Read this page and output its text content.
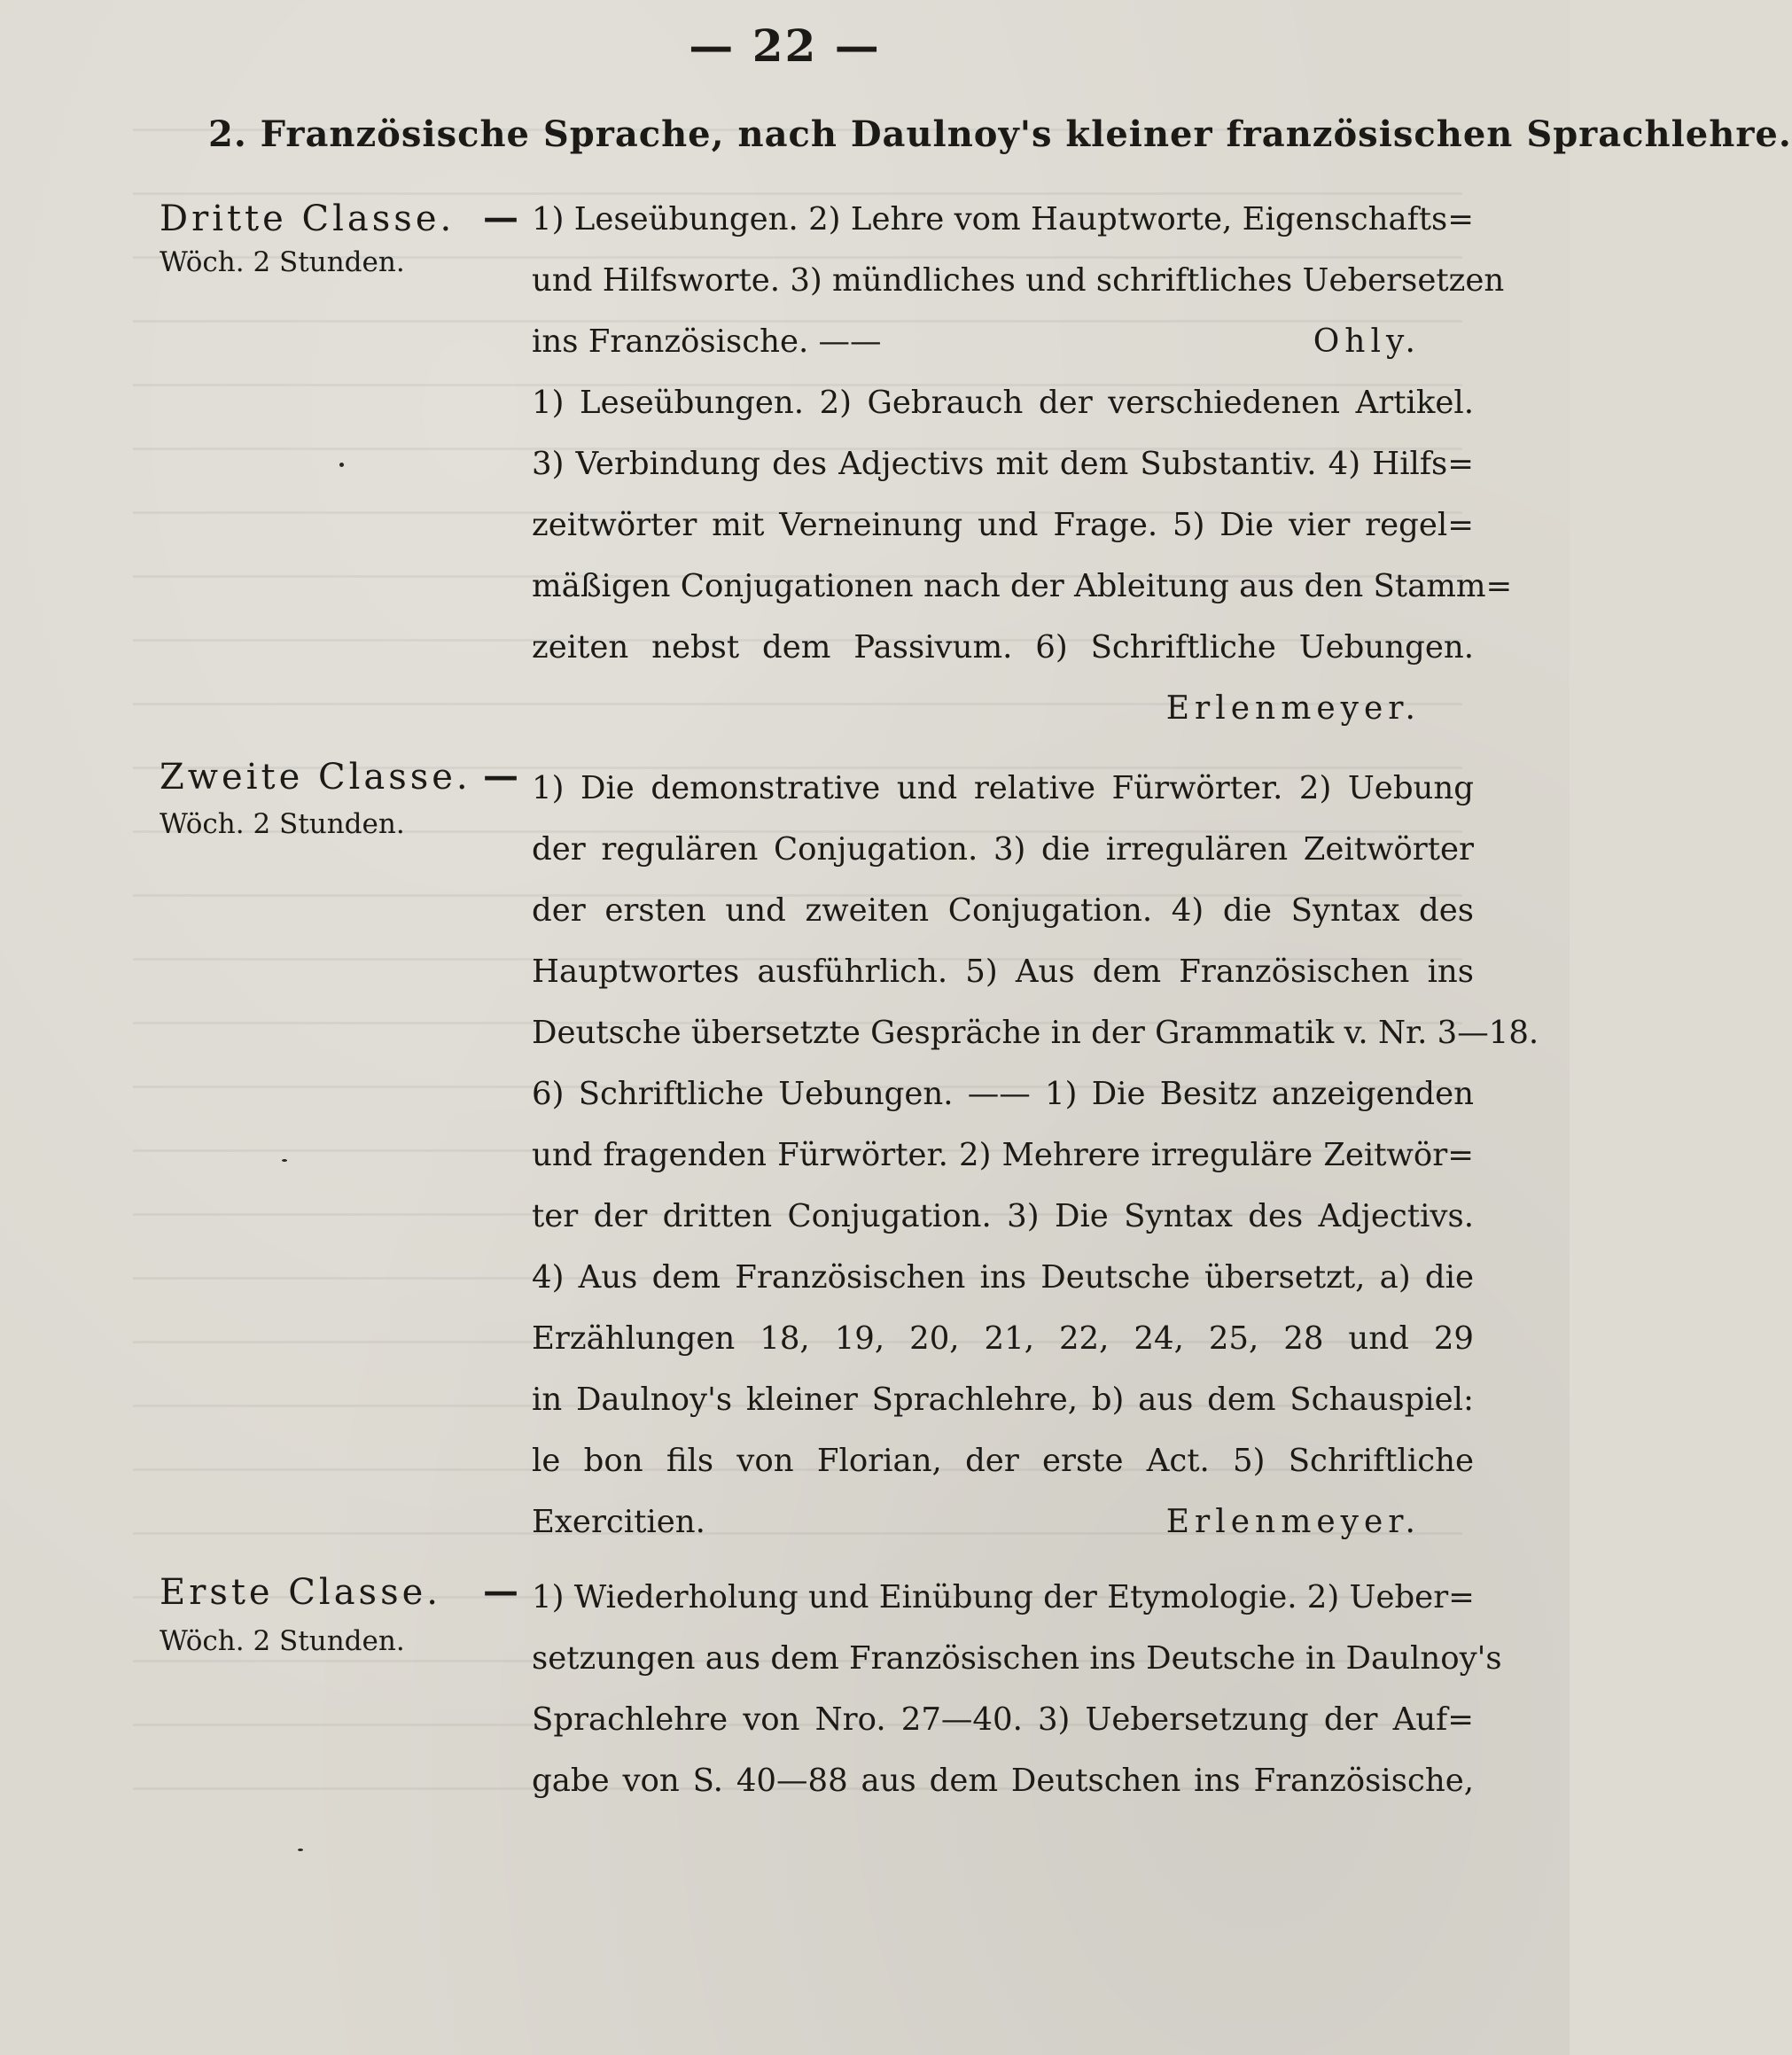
— 22 —
2. Französische Sprache, nach Daulnoy's kleiner französischen Sprachlehre.
Dritte Classe.
Wöch. 2 Stunden.
— 1) Leseübungen. 2) Lehre vom Hauptworte, Eigenschafts=
und Hilfsworte. 3) mündliches und schriftliches Uebersetzen
ins Französische. ——	Ohly.
1) Leseübungen. 2) Gebrauch der verschiedenen Artikel.
3) Verbindung des Adjectivs mit dem Substantiv. 4) Hilfs=
zeitwörter mit Verneinung und Frage. 5) Die vier regel=
mäßigen Conjugationen nach der Ableitung aus den Stamm=
zeiten nebst dem Passivum. 6) Schriftliche Uebungen.
Erlenmeyer.
Zweite Classe.
Wöch. 2 Stunden.
— 1) Die demonstrative und relative Fürwörter. 2) Uebung
der regulären Conjugation. 3) die irregulären Zeitwörter
der ersten und zweiten Conjugation. 4) die Syntax des
Hauptwortes ausführlich. 5) Aus dem Französischen ins
Deutsche übersetzte Gespräche in der Grammatik v. Nr. 3—18.
6) Schriftliche Uebungen. —— 1) Die Besitz anzeigenden
und fragenden Fürwörter. 2) Mehrere irreguläre Zeitwör=
ter der dritten Conjugation. 3) Die Syntax des Adjectivs.
4) Aus dem Französischen ins Deutsche übersetzt, a) die
Erzählungen 18, 19, 20, 21, 22, 24, 25, 28 und 29
in Daulnoy's kleiner Sprachlehre, b) aus dem Schauspiel:
le bon fils von Florian, der erste Act. 5) Schriftliche
Exercitien.	Erlenmeyer.
Erste Classe.
Wöch. 2 Stunden.
— 1) Wiederholung und Einübung der Etymologie. 2) Ueber=
setzungen aus dem Französischen ins Deutsche in Daulnoy's
Sprachlehre von Nro. 27—40. 3) Uebersetzung der Auf=
gabe von S. 40—88 aus dem Deutschen ins Französische,
